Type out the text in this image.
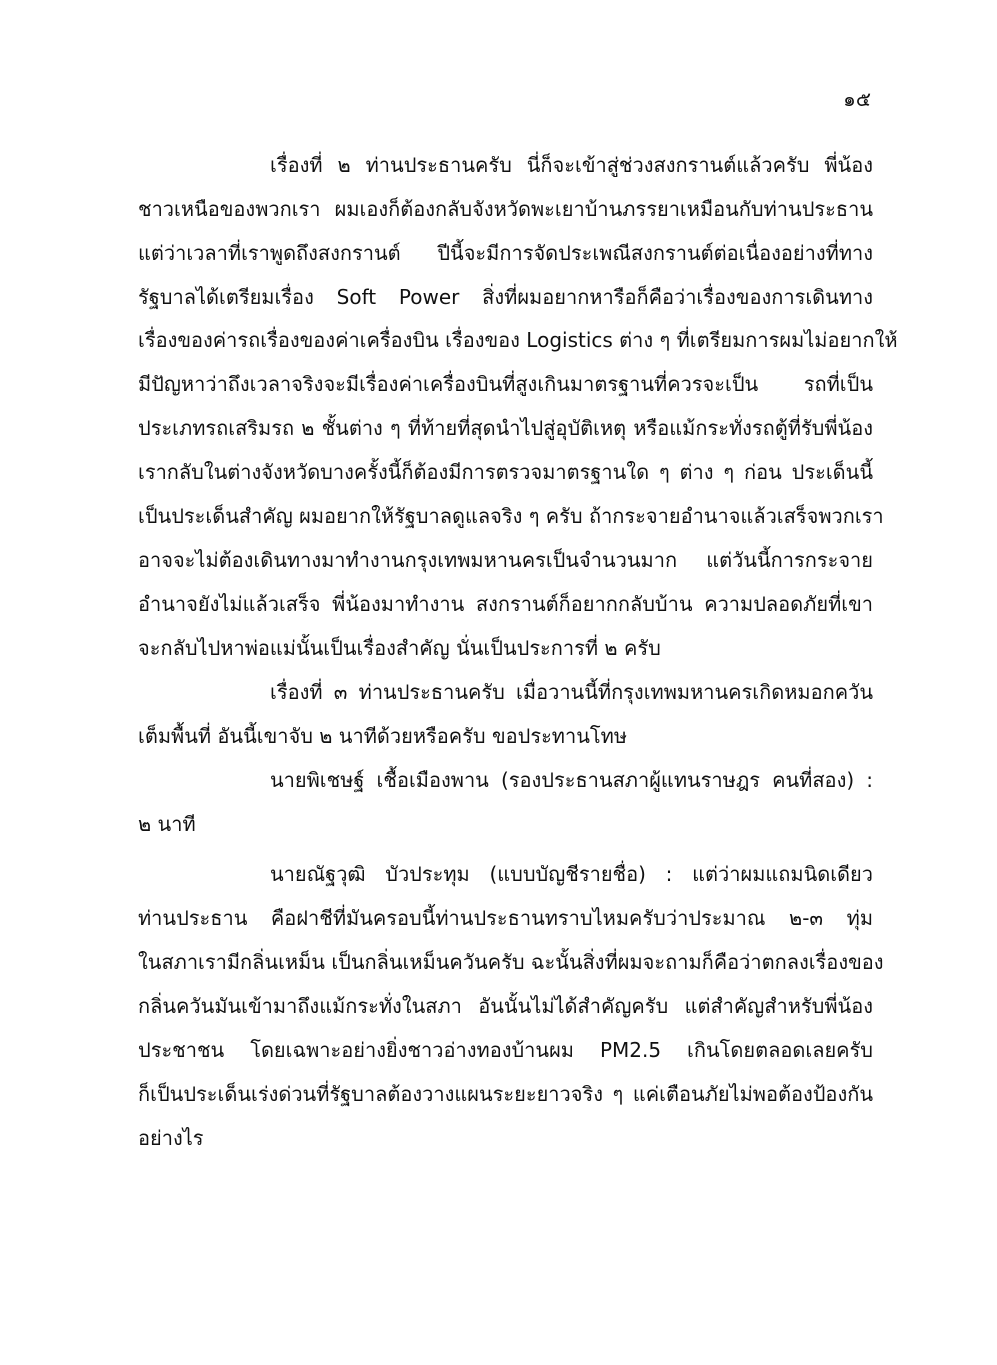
๑๕
เรื่องที่ ๒ ท่านประธานครับ นี่ก็จะเข้าสู่ช่วงสงกรานต์แล้วครับ พี่น้อง
ชาวเหนือของพวกเรา ผมเองก็ต้องกลับจังหวัดพะเยาบ้านภรรยาเหมือนกับท่านประธาน
แต่ว่าเวลาที่เราพูดถึงสงกรานต์ ปีนี้จะมีการจัดประเพณีสงกรานต์ต่อเนื่องอย่างที่ทาง
รัฐบาลได้เตรียมเรื่อง Soft Power สิ่งที่ผมอยากหารือก็คือว่าเรื่องของการเดินทาง
เรื่องของค่ารถเรื่องของค่าเครื่องบิน เรื่องของ Logistics ต่าง ๆ ที่เตรียมการผมไม่อยากให้
มีปัญหาว่าถึงเวลาจริงจะมีเรื่องค่าเครื่องบินที่สูงเกินมาตรฐานที่ควรจะเป็น รถที่เป็น
ประเภทรถเสริมรถ ๒ ชั้นต่าง ๆ ที่ท้ายที่สุดนำไปสู่อุบัติเหตุ หรือแม้กระทั่งรถตู้ที่รับพี่น้อง
เรากลับในต่างจังหวัดบางครั้งนี้ก็ต้องมีการตรวจมาตรฐานใด ๆ ต่าง ๆ ก่อน ประเด็นนี้
เป็นประเด็นสำคัญ ผมอยากให้รัฐบาลดูแลจริง ๆ ครับ ถ้ากระจายอำนาจแล้วเสร็จพวกเรา
อาจจะไม่ต้องเดินทางมาทำงานกรุงเทพมหานครเป็นจำนวนมาก แต่วันนี้การกระจาย
อำนาจยังไม่แล้วเสร็จ พี่น้องมาทำงาน สงกรานต์ก็อยากกลับบ้าน ความปลอดภัยที่เขา
จะกลับไปหาพ่อแม่นั้นเป็นเรื่องสำคัญ นั่นเป็นประการที่ ๒ ครับ
เรื่องที่ ๓ ท่านประธานครับ เมื่อวานนี้ที่กรุงเทพมหานครเกิดหมอกควัน
เต็มพื้นที่ อันนี้เขาจับ ๒ นาทีด้วยหรือครับ ขอประทานโทษ
นายพิเชษฐ์ เชื้อเมืองพาน (รองประธานสภาผู้แทนราษฎร คนที่สอง) :
๒ นาที
นายณัฐวุฒิ บัวประทุม (แบบบัญชีรายชื่อ) : แต่ว่าผมแถมนิดเดียว
ท่านประธาน คือฝาชีที่มันครอบนี้ท่านประธานทราบไหมครับว่าประมาณ ๒-๓ ทุ่ม
ในสภาเรามีกลิ่นเหม็น เป็นกลิ่นเหม็นควันครับ ฉะนั้นสิ่งที่ผมจะถามก็คือว่าตกลงเรื่องของ
กลิ่นควันมันเข้ามาถึงแม้กระทั่งในสภา อันนั้นไม่ได้สำคัญครับ แต่สำคัญสำหรับพี่น้อง
ประชาชน โดยเฉพาะอย่างยิ่งชาวอ่างทองบ้านผม PM2.5 เกินโดยตลอดเลยครับ
ก็เป็นประเด็นเร่งด่วนที่รัฐบาลต้องวางแผนระยะยาวจริง ๆ แค่เตือนภัยไม่พอต้องป้องกัน
อย่างไร
